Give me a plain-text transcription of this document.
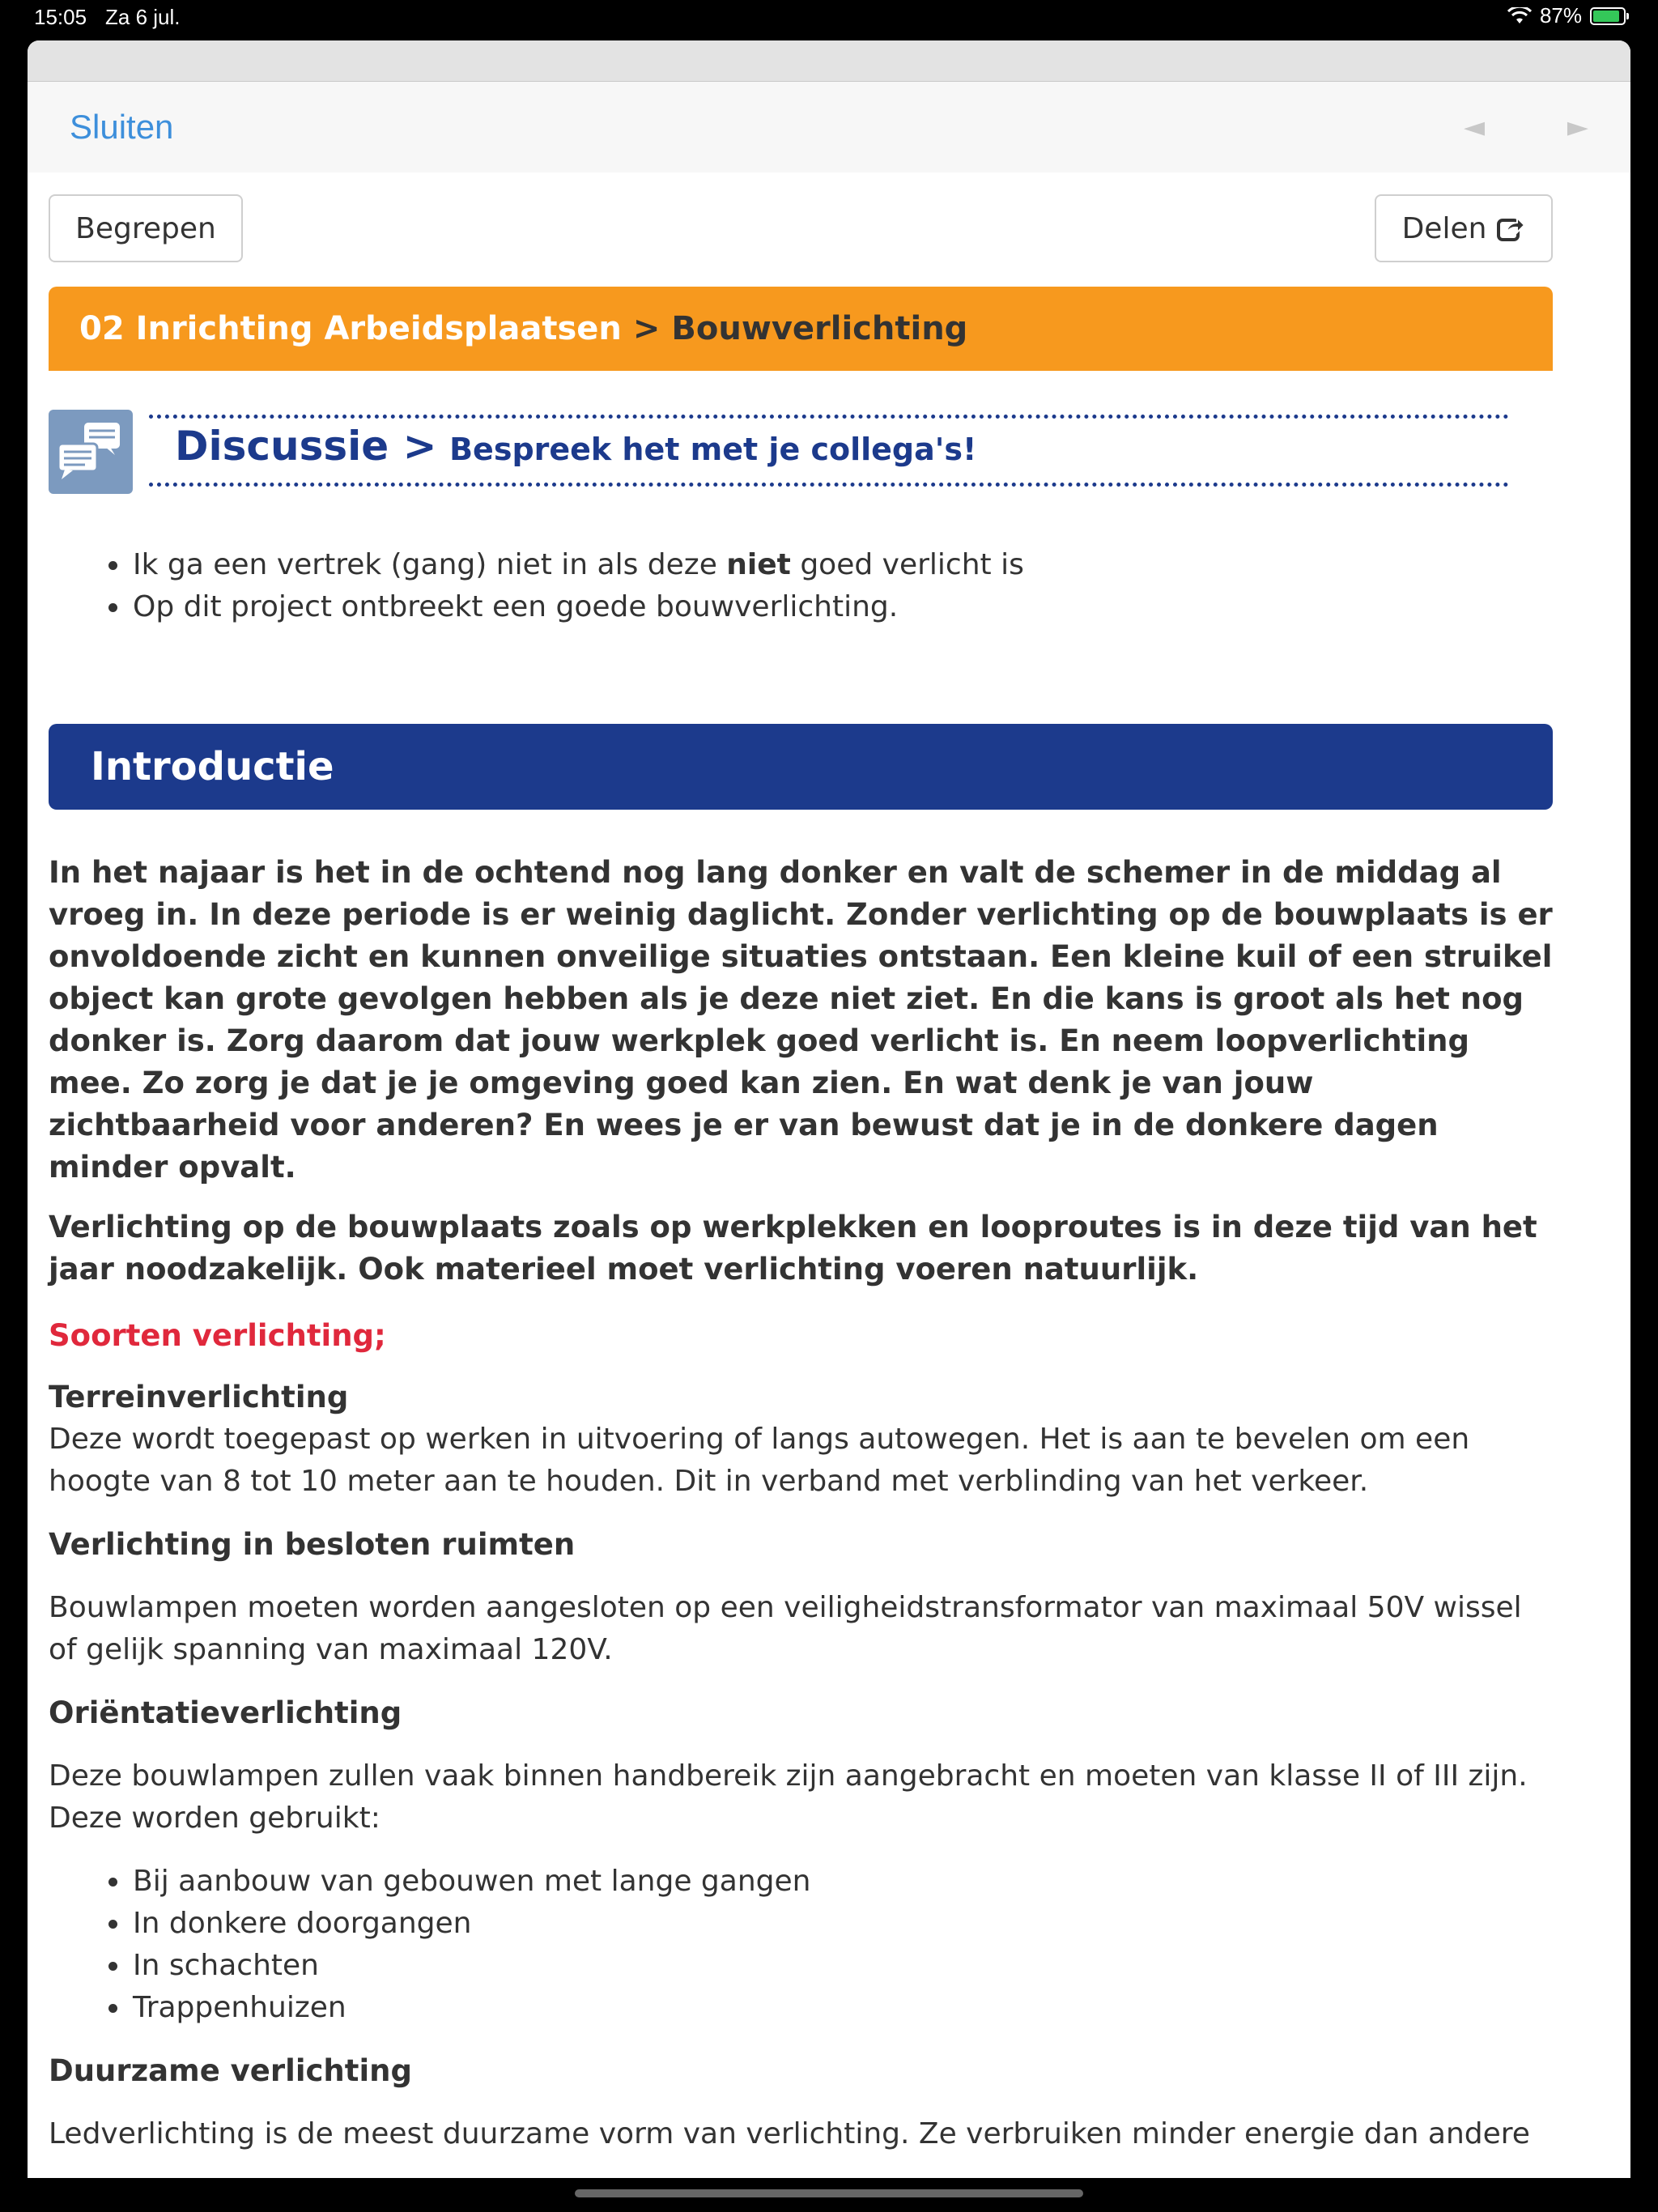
15:05 Za 6 jul.	87%
Sluiten	◄	►
Begrepen	Delen
02 Inrichting Arbeidsplaatsen > Bouwverlichting
Discussie > Bespreek het met je collega's!
• Ik ga een vertrek (gang) niet in als deze niet goed verlicht is
• Op dit project ontbreekt een goede bouwverlichting.
Introductie

In het najaar is het in de ochtend nog lang donker en valt de schemer in de middag al vroeg in. In deze periode is er weinig daglicht. Zonder verlichting op de bouwplaats is er onvoldoende zicht en kunnen onveilige situaties ontstaan. Een kleine kuil of een struikel object kan grote gevolgen hebben als je deze niet ziet. En die kans is groot als het nog donker is. Zorg daarom dat jouw werkplek goed verlicht is. En neem loopverlichting mee. Zo zorg je dat je je omgeving goed kan zien. En wat denk je van jouw zichtbaarheid voor anderen? En wees je er van bewust dat je in de donkere dagen minder opvalt.

Verlichting op de bouwplaats zoals op werkplekken en looproutes is in deze tijd van het jaar noodzakelijk. Ook materieel moet verlichting voeren natuurlijk.

Soorten verlichting;
Terreinverlichting

Deze wordt toegepast op werken in uitvoering of langs autowegen. Het is aan te bevelen om een hoogte van 8 tot 10 meter aan te houden. Dit in verband met verblinding van het verkeer.

Verlichting in besloten ruimten

Bouwlampen moeten worden aangesloten op een veiligheidstransformator van maximaal 50V wissel of gelijk spanning van maximaal 120V.

Oriëntatieverlichting

Deze bouwlampen zullen vaak binnen handbereik zijn aangebracht en moeten van klasse II of III zijn. Deze worden gebruikt:

• Bij aanbouw van gebouwen met lange gangen
• In donkere doorgangen
• In schachten
• Trappenhuizen
Duurzame verlichting

Ledverlichting is de meest duurzame vorm van verlichting. Ze verbruiken minder energie dan andere
